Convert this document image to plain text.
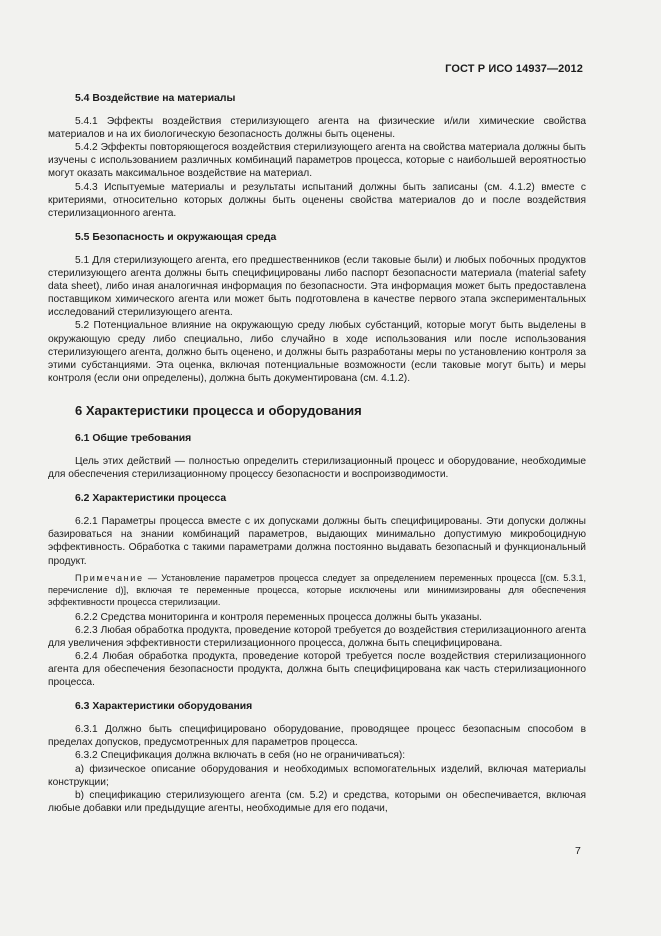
ГОСТ Р ИСО 14937—2012
5.4 Воздействие на материалы

5.4.1 Эффекты воздействия стерилизующего агента на физические и/или химические свойства материалов и на их биологическую безопасность должны быть оценены.

5.4.2 Эффекты повторяющегося воздействия стерилизующего агента на свойства материала должны быть изучены с использованием различных комбинаций параметров процесса, которые с наибольшей вероятностью могут оказать максимальное воздействие на материал.

5.4.3 Испытуемые материалы и результаты испытаний должны быть записаны (см. 4.1.2) вместе с критериями, относительно которых должны быть оценены свойства материалов до и после воздействия стерилизационного агента.

5.5 Безопасность и окружающая среда

5.1 Для стерилизующего агента, его предшественников (если таковые были) и любых побочных продуктов стерилизующего агента должны быть специфицированы либо паспорт безопасности материала (material safety data sheet), либо иная аналогичная информация по безопасности. Эта информация может быть предоставлена поставщиком химического агента или может быть подготовлена в качестве первого этапа экспериментальных исследований стерилизующего агента.

5.2 Потенциальное влияние на окружающую среду любых субстанций, которые могут быть выделены в окружающую среду либо специально, либо случайно в ходе использования или после использования стерилизующего агента, должно быть оценено, и должны быть разработаны меры по установлению контроля за этими субстанциями. Эта оценка, включая потенциальные возможности (если таковые могут быть) и меры контроля (если они определены), должна быть документирована (см. 4.1.2).

6 Характеристики процесса и оборудования
6.1 Общие требования

Цель этих действий — полностью определить стерилизационный процесс и оборудование, необходимые для обеспечения стерилизационному процессу безопасности и воспроизводимости.

6.2 Характеристики процесса

6.2.1 Параметры процесса вместе с их допусками должны быть специфицированы. Эти допуски должны базироваться на знании комбинаций параметров, выдающих минимально допустимую микробоцидную эффективность. Обработка с такими параметрами должна постоянно выдавать безопасный и функциональный продукт.

Примечание — Установление параметров процесса следует за определением переменных процесса [(см. 5.3.1, перечисление d)], включая те переменные процесса, которые исключены или минимизированы для обеспечения эффективности процесса стерилизации.

6.2.2 Средства мониторинга и контроля переменных процесса должны быть указаны.

6.2.3 Любая обработка продукта, проведение которой требуется до воздействия стерилизационного агента для увеличения эффективности стерилизационного процесса, должна быть специфицирована.

6.2.4 Любая обработка продукта, проведение которой требуется после воздействия стерилизационного агента для обеспечения безопасности продукта, должна быть специфицирована как часть стерилизационного процесса.

6.3 Характеристики оборудования

6.3.1 Должно быть специфицировано оборудование, проводящее процесс безопасным способом в пределах допусков, предусмотренных для параметров процесса.

6.3.2 Спецификация должна включать в себя (но не ограничиваться):

a) физическое описание оборудования и необходимых вспомогательных изделий, включая материалы конструкции;

b) спецификацию стерилизующего агента (см. 5.2) и средства, которыми он обеспечивается, включая любые добавки или предыдущие агенты, необходимые для его подачи,

7
